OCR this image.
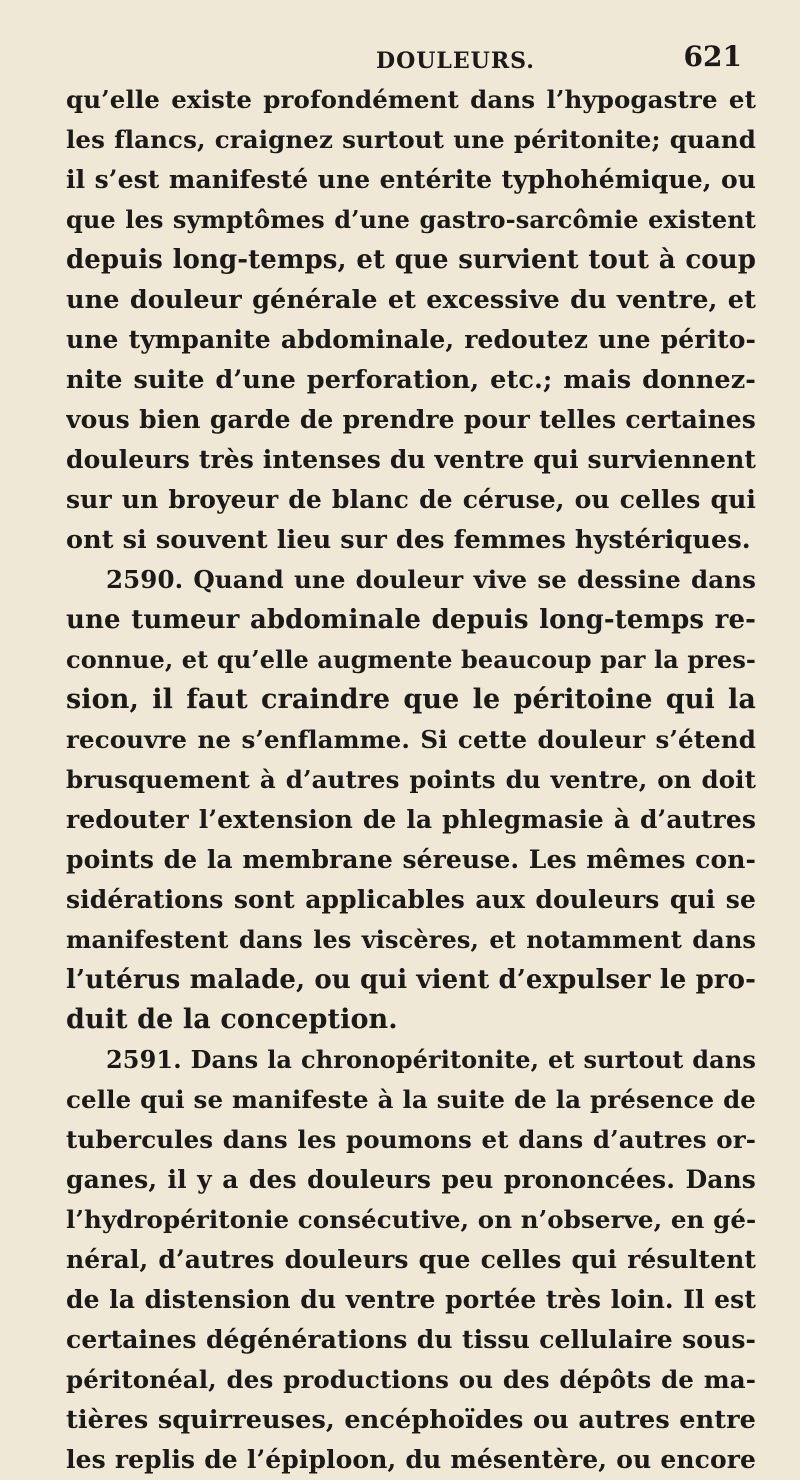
DOULEURS.	621
qu’elle existe profondément dans l’hypogastre et
les flancs, craignez surtout une péritonite; quand
il s’est manifesté une entérite typhohémique, ou
que les symptômes d’une gastro-sarcômie existent
depuis long-temps, et que survient tout à coup
une douleur générale et excessive du ventre, et
une tympanite abdominale, redoutez une périto-
nite suite d’une perforation, etc.; mais donnez-
vous bien garde de prendre pour telles certaines
douleurs très intenses du ventre qui surviennent
sur un broyeur de blanc de céruse, ou celles qui
ont si souvent lieu sur des femmes hystériques.
2590. Quand une douleur vive se dessine dans
une tumeur abdominale depuis long-temps re-
connue, et qu’elle augmente beaucoup par la pres-
sion, il faut craindre que le péritoine qui la
recouvre ne s’enflamme. Si cette douleur s’étend
brusquement à d’autres points du ventre, on doit
redouter l’extension de la phlegmasie à d’autres
points de la membrane séreuse. Les mêmes con-
sidérations sont applicables aux douleurs qui se
manifestent dans les viscères, et notamment dans
l’utérus malade, ou qui vient d’expulser le pro-
duit de la conception.
2591. Dans la chronopéritonite, et surtout dans
celle qui se manifeste à la suite de la présence de
tubercules dans les poumons et dans d’autres or-
ganes, il y a des douleurs peu prononcées. Dans
l’hydropéritonie consécutive, on n’observe, en gé-
néral, d’autres douleurs que celles qui résultent
de la distension du ventre portée très loin. Il est
certaines dégénérations du tissu cellulaire sous-
péritonéal, des productions ou des dépôts de ma-
tières squirreuses, encéphoïdes ou autres entre
les replis de l’épiploon, du mésentère, ou encore
